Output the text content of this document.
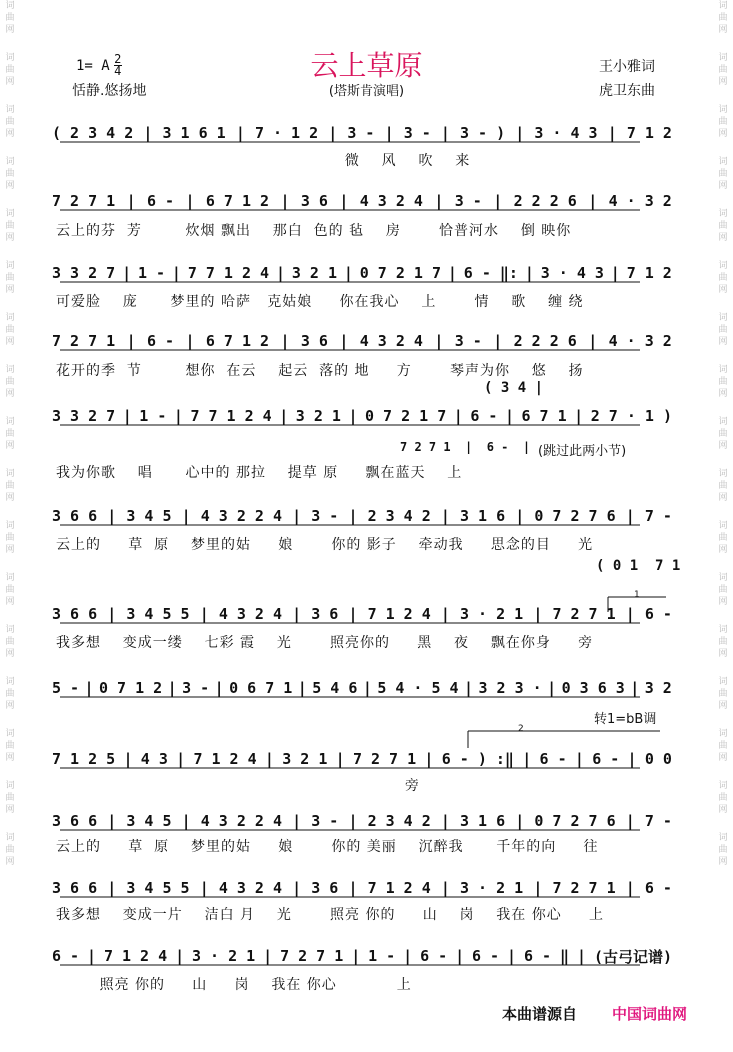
词
曲
网
词
曲
网
词
曲
网
词
曲
网
词
曲
网
词
曲
网
词
曲
网
词
曲
网
词
曲
网
词
曲
网
词
曲
网
词
曲
网
词
曲
网
词
曲
网
词
曲
网
词
曲
网
词
曲
网
词
曲
网
词
曲
网
词
曲
网
词
曲
网
词
曲
网
词
曲
网
词
曲
网
词
曲
网
词
曲
网
词
曲
网
词
曲
网
词
曲
网
词
曲
网
词
曲
网
词
曲
网
词
曲
网
词
曲
网
1= A 2
4
恬静.悠扬地
云上草原
(塔斯肯演唱)
王小雅词
虎卫东曲
( 2 3 4 2 | 3 1 6 1 | 7 · 1 2 | 3 - | 3 - | 3 - ) | 3 · 4 3 | 7 1 2
微    风    吹    来
7 2 7 1 | 6 - | 6 7 1 2 | 3 6 | 4 3 2 4 | 3 - | 2 2 2 6 | 4 · 3 2
云上的芬  芳        炊烟 飘出    那白  色的 毡    房       恰普河水    倒 映你
3 3 2 7 | 1 - | 7 7 1 2 4 | 3 2 1 | 0 7 2 1 7 | 6 - ‖: | 3 · 4 3 | 7 1 2
可爱脸    庞      梦里的 哈萨   克姑娘     你在我心    上       情    歌    缠 绕
7 2 7 1 | 6 - | 6 7 1 2 | 3 6 | 4 3 2 4 | 3 - | 2 2 2 6 | 4 · 3 2
花开的季  节        想你  在云    起云  落的 地     方       琴声为你    悠    扬
3 3 2 7 | 1 - | 7 7 1 2 4 | 3 2 1 | 0 7 2 1 7 | 6 - | 6 7 1 | 2 7 · 1 )
我为你歌    唱      心中的 那拉    提草 原     飘在蓝天    上
3 6 6 | 3 4 5 | 4 3 2 2 4 | 3 - | 2 3 4 2 | 3 1 6 | 0 7 2 7 6 | 7 -
云上的     草  原    梦里的姑     娘       你的 影子    牵动我     思念的目     光
3 6 6 | 3 4 5 5 | 4 3 2 4 | 3 6 | 7 1 2 4 | 3 · 2 1 | 7 2 7 1 | 6 -
我多想    变成一缕    七彩 霞    光       照亮你的     黑    夜    飘在你身     旁
5 - | 0 7 1 2 | 3 - | 0 6 7 1 | 5 4 6 | 5 4 · 5 4 | 3 2 3 · | 0 3 6 3 | 3 2
7 1 2 5 | 4 3 | 7 1 2 4 | 3 2 1 | 7 2 7 1 | 6 - ) :‖ | 6 - | 6 - | 0 0
旁
3 6 6 | 3 4 5 | 4 3 2 2 4 | 3 - | 2 3 4 2 | 3 1 6 | 0 7 2 7 6 | 7 -
云上的     草  原    梦里的姑     娘       你的 美丽    沉醉我      千年的向     往
3 6 6 | 3 4 5 5 | 4 3 2 4 | 3 6 | 7 1 2 4 | 3 · 2 1 | 7 2 7 1 | 6 -
我多想    变成一片    洁白 月    光       照亮 你的     山    岗    我在 你心     上
6 - | 7 1 2 4 | 3 · 2 1 | 7 2 7 1 | 1 - | 6 - | 6 - | 6 - ‖ | (古弓记谱)
照亮 你的     山     岗    我在 你心           上
( 3 4 |
7 2 7 1  |  6 -  | (跳过此两小节)
( 0 1  7 1
1
2
转1=bB调
本曲谱源自 中国词曲网
